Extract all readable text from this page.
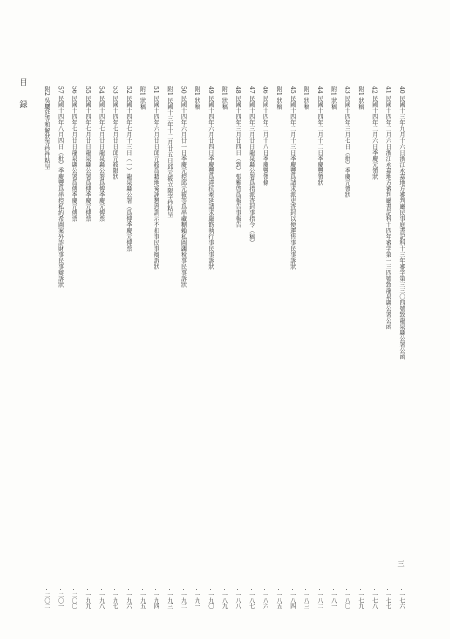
目　録	40 民國十三年九月十六日浙江永嘉地方審判廳民事庭書記科十三年審字第三三〇四號致龍泉縣公署公函
一七六
41 民國十四年二月六日浙江永嘉地方審判廳書記科十四年審字第一三四號致龍泉縣公署公函
一七七
42 民國十四年二月六日季慶元領狀
一七八
附1 狀稿
一七九
43 民國十四年三月七日（批）季慶元領狀
一八〇
附1 狀稿
一八一
44 民國十四年二月十二日季慶豐領狀
一八二
附1 狀稿
一八三
45 民國十四年二月十三日季慶豐爲請求派吏查封以便運售事民事訴狀
一八四
附1 狀稿
一八五
46 民國十四年二月十八日季慶豐領條
一八六
47 民國十四年三月廿日龍泉縣公署爲指派查封事指令（稿）
一八七
48 民國十四年三月廿四日（到）張雅啓爲報告事報告
一八八
附1 狀稿
一八九
49 民國十四年六月廿四日季慶豐爲違抗牽延請求嚴飭執行事民事訴狀
一九〇
附1 狀稿
一九一
50 民國十四年六月廿一日季慶元控邱元筱等爲串藏糊賴私圖蠲稅事民事訴狀
一九二
附1 民國十三年十二月廿五日邱元筱立限字抄粘呈
一九三
51 民國十四年六月廿日邱元筱爲藉地冤誣懇恩訓示不扣事民事辯訴狀
一九四
附1 狀稿
一九五
52 民國十四年七月十三日（一）龍泉縣公署（爲傳季慶元傳票
一九六
53 民國十四年七月廿日邱元筱限狀
一九七
54 民國十四年七月廿日龍泉縣公署爲傳季慶元傳票
一九八
55 民國十四年七月廿日龍泉縣公署爲傳季慶元傳票
一九九
56 民國十四年七月廿日龍泉縣公署爲傳季慶元傳票
二〇〇
57 民國十四年八月四日（批）季慶豐爲串控私約希圖案外詐財事民事辯訴狀
二〇一
附2 吳驪廷等和解狀等抄件粘呈
二〇二
三
